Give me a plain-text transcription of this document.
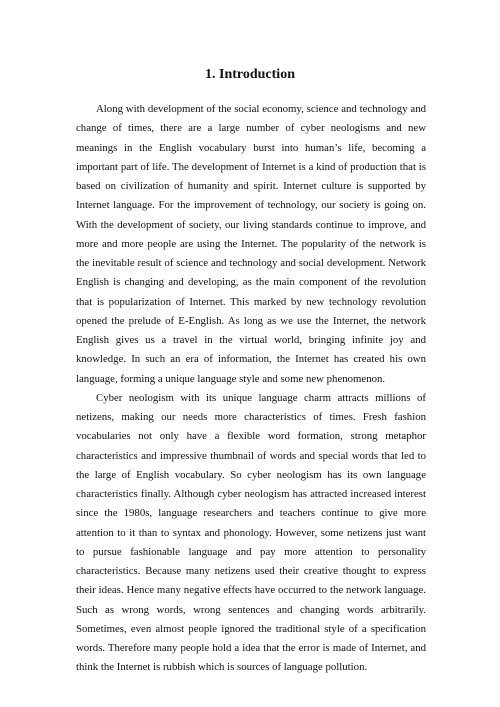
1. Introduction

Along with development of the social economy, science and technology and change of times, there are a large number of cyber neologisms and new meanings in the English vocabulary burst into human’s life, becoming a important part of life. The development of Internet is a kind of production that is based on civilization of humanity and spirit. Internet culture is supported by Internet language. For the improvement of technology, our society is going on. With the development of society, our living standards continue to improve, and more and more people are using the Internet. The popularity of the network is the inevitable result of science and technology and social development. Network English is changing and developing, as the main component of the revolution that is popularization of Internet. This marked by new technology revolution opened the prelude of E-English. As long as we use the Internet, the network English gives us a travel in the virtual world, bringing infinite joy and knowledge. In such an era of information, the Internet has created his own language, forming a unique language style and some new phenomenon.

Cyber neologism with its unique language charm attracts millions of netizens, making our needs more characteristics of times. Fresh fashion vocabularies not only have a flexible word formation, strong metaphor characteristics and impressive thumbnail of words and special words that led to the large of English vocabulary. So cyber neologism has its own language characteristics finally. Although cyber neologism has attracted increased interest since the 1980s, language researchers and teachers continue to give more attention to it than to syntax and phonology. However, some netizens just want to pursue fashionable language and pay more attention to personality characteristics. Because many netizens used their creative thought to express their ideas. Hence many negative effects have occurred to the network language. Such as wrong words, wrong sentences and changing words arbitrarily. Sometimes, even almost people ignored the traditional style of a specification words. Therefore many people hold a idea that the error is made of Internet, and think the Internet is rubbish which is sources of language pollution.
